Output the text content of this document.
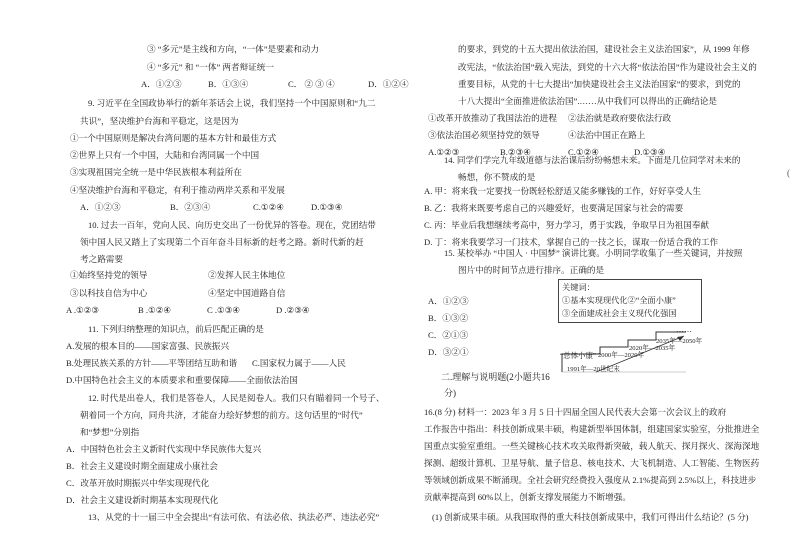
③ “多元”是主线和方向，“一体”是要素和动力
④ “多元” 和 “一体” 两者辩证统一
A．①②③	B．①③④	C． ② ③ ④	D．①②④
9. 习近平在全国政协举行的新年茶话会上说，我们坚持一个中国原则和“九二
共识”，坚决维护台海和平稳定，这是因为
①一个中国原则是解决台湾问题的基本方针和最佳方式
②世界上只有一个中国，大陆和台湾同属一个中国
③实现祖国完全统一是中华民族根本利益所在
④坚决维护台海和平稳定，有利于推动两岸关系和平发展
A．①②③	B．②③④	C.①②④	D.①③④
10. 过去一百年，党向人民、向历史交出了一份优异的答卷。现在，党团结带
领中国人民又踏上了实现第二个百年奋斗目标新的赶考之路。新时代新的赶
考之路需要
①始终坚持党的领导	②发挥人民主体地位
③以科技自信为中心	④坚定中国道路自信
A .①②③	B .①②④	C .①③④	D .②③④
11. 下列归纳整理的知识点，前后匹配正确的是
A.发展的根本目的——国家富强、民族振兴
B.处理民族关系的方针——平等团结互助和谐 C.国家权力属于——人民
D.中国特色社会主义的本质要求和重要保障——全面依法治国
12. 时代是出卷人，我们是答卷人，人民是阅卷人。我们只有瞄着同一个号子、
朝着同一个方向，同舟共济，才能奋力绘好梦想的前方。这句话里的“时代”
和“梦想”分别指
A．中国特色社会主义新时代实现中华民族伟大复兴
B．社会主义建设时期全面建成小康社会
C．改革开放时期振兴中华实现现代化
D．社会主义建设新时期基本实现现代化
13、从党的十一届三中全会提出“有法可依、有法必依、执法必严、违法必究”
的要求，到党的十五大提出依法治国，建设社会主义法治国家”，从 1999 年修
改宪法，“依法治国”载入宪法，到党的十六大将“依法治国”作为建设社会主义的
重要目标，从党的十七大提出“加快建设社会主义法治国家”的要求，到党的
十八大提出“全面推进依法治国”.……从中我们可以得出的正确结论是
①改革开放推动了我国法治的进程 ②法治就是政府要依法行政
③依法治国必须坚持党的领导	④法治中国正在路上
A.①②③	B.②③④	C.①②④	D.①③④
14. 同学们学完九年级道德与法治课后纷纷畅想未来。下面是几位同学对未来的
畅想，你不赞成的是
A. 甲：将来我一定要找一份既轻松舒适又能多赚钱的工作，好好享受人生
B. 乙：我将来既要考虑自己的兴趣爱好，也要满足国家与社会的需要
C. 丙：毕业后我想继续考高中，努力学习，勇于实践，争取早日为祖国奉献
D. 丁：将来我要学习一门技术，掌握自己的一技之长，谋取一份适合我的工作
15. 某校举办 “中国人 · 中国梦” 演讲比赛。小明同学收集了一些关键词，并按照
图片中的时间节点进行排序。正确的是
A．①②③
B．①③②
C．②①③
D．③②①
关键词：
①基本实现现代化②“全面小康”
③全面建成社会主义现代化强国
……
“总体小康”
2035年—2050年
2020年—2035年
2000年—2020年
1991年—20世纪末
二.理解与说明题(2小题共16
分)
16.(8 分) 材料一：2023 年 3 月 5 日十四届全国人民代表大会第一次会议上的政府
工作报告中指出：科技创新成果丰硕，构建新型举国体制，组建国家实验室，分批推进全
国重点实验室重组。一些关键核心技术攻关取得新突破，载人航天、探月探火、深海深地
探测、超级计算机、卫星导航、量子信息、核电技术、大飞机制造、人工智能、生物医药
等领域创新成果不断涌现。全社会研究经费投入强度从 2.1%提高到 2.5%以上，科技进步
贡献率提高到 60%以上，创新支撑发展能力不断增强。
(1) 创新成果丰硕。从我国取得的重大科技创新成果中，我们可得出什么结论？(5 分)
(
